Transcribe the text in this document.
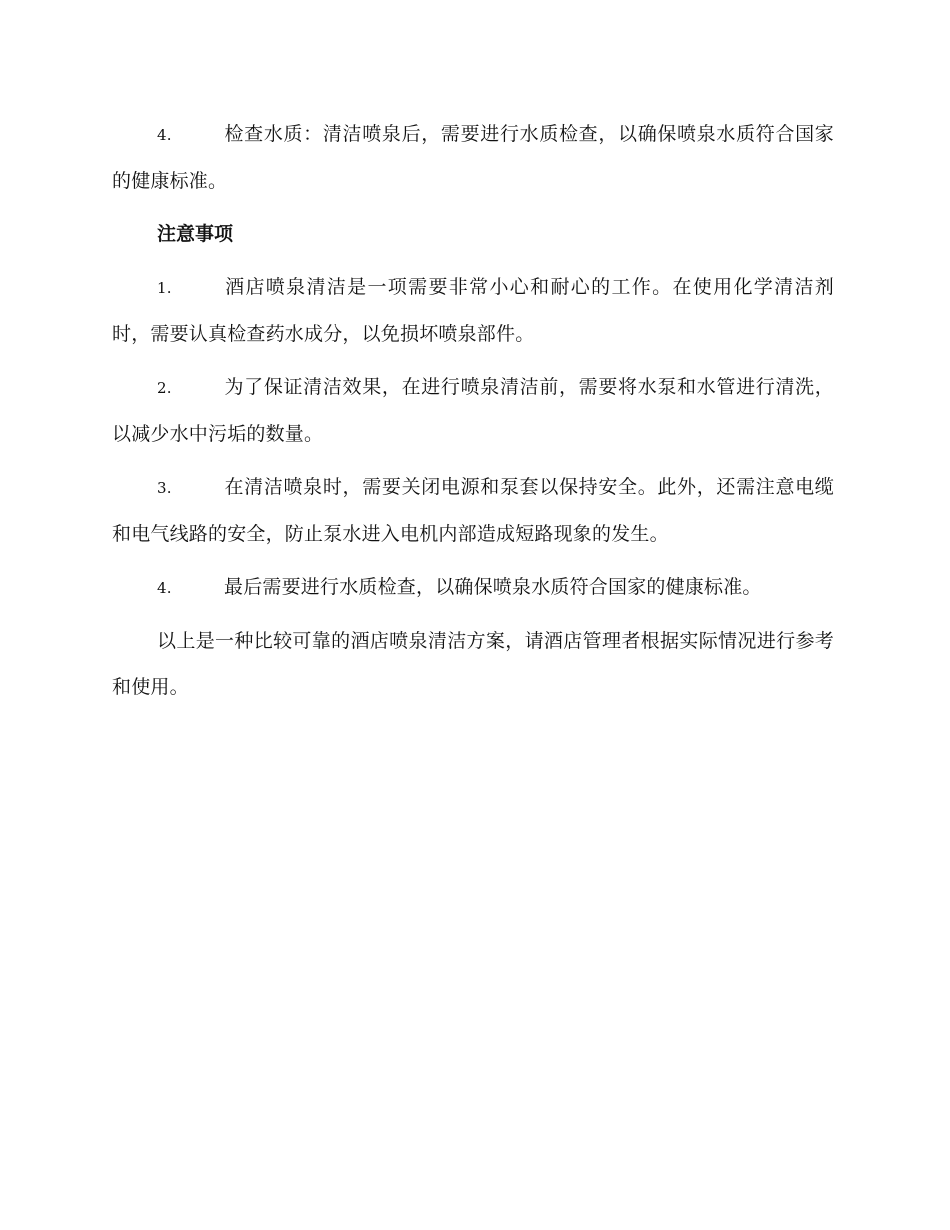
4.	检查水质：清洁喷泉后，需要进行水质检查，以确保喷泉水质符合国家的健康标准。

注意事项

1.	酒店喷泉清洁是一项需要非常小心和耐心的工作。在使用化学清洁剂时，需要认真检查药水成分，以免损坏喷泉部件。

2.	为了保证清洁效果，在进行喷泉清洁前，需要将水泵和水管进行清洗，以减少水中污垢的数量。

3.	在清洁喷泉时，需要关闭电源和泵套以保持安全。此外，还需注意电缆和电气线路的安全，防止泵水进入电机内部造成短路现象的发生。

4.	最后需要进行水质检查，以确保喷泉水质符合国家的健康标准。

以上是一种比较可靠的酒店喷泉清洁方案，请酒店管理者根据实际情况进行参考和使用。
